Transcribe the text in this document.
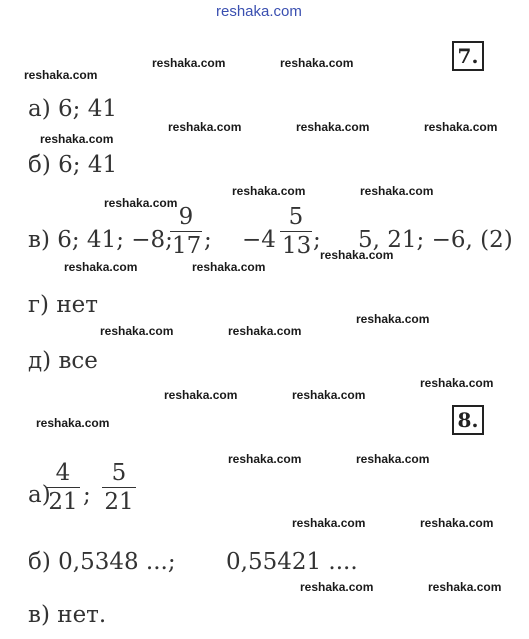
reshaka.com
reshaka.com	reshaka.com
reshaka.com
reshaka.com	reshaka.com	reshaka.com
reshaka.com
reshaka.com	reshaka.com
reshaka.com
reshaka.com
reshaka.com	reshaka.com
reshaka.com
reshaka.com	reshaka.com
reshaka.com
reshaka.com	reshaka.com
reshaka.com
reshaka.com	reshaka.com
reshaka.com	reshaka.com
reshaka.com	reshaka.com
7.
а) 6; 41
б) 6; 41
в) 6; 41; −8;
$\frac{9}{17}$ ; $-4 \frac{5}{13}$ ; 5, 21; −6, (2)
г) нет
д) все
8.
а)
$\frac{4}{21}$ ; $\frac{5}{21}$
б) 0,5348 ...; 0,55421 ....
в) нет.
